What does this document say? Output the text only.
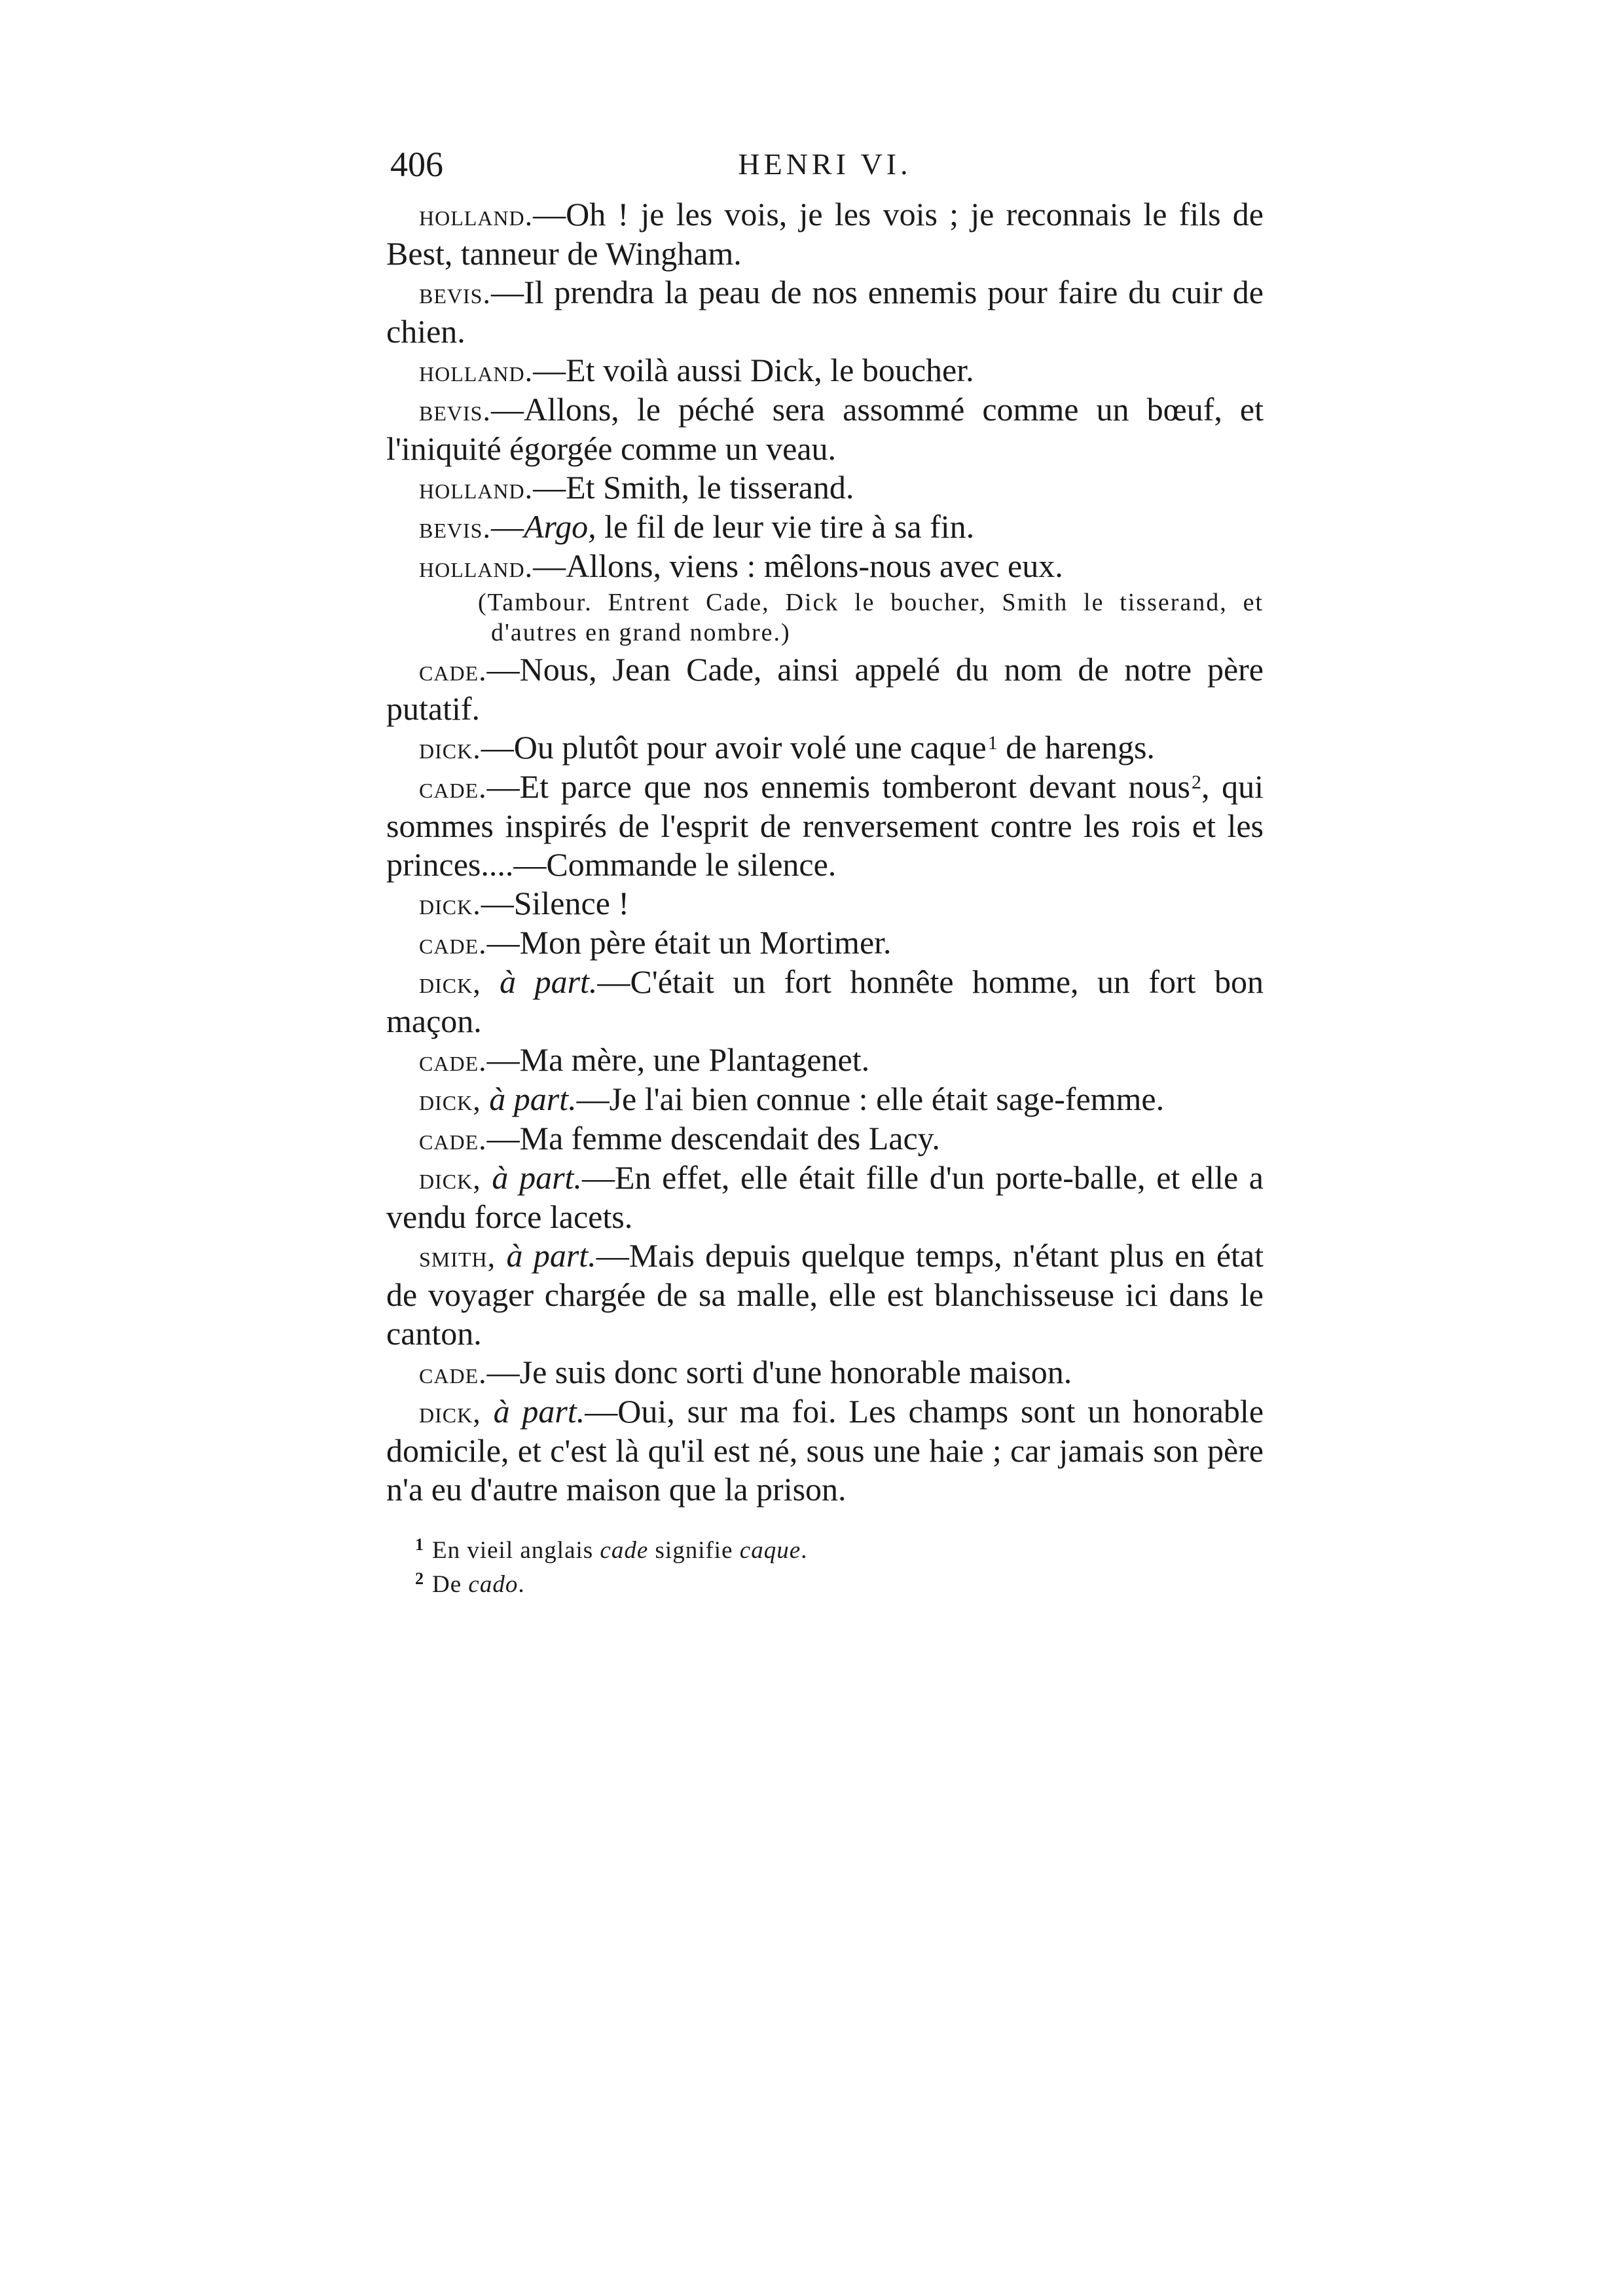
406	HENRI VI.

holland.—Oh ! je les vois, je les vois ; je reconnais le fils de Best, tanneur de Wingham.

bevis.—Il prendra la peau de nos ennemis pour faire du cuir de chien.

holland.—Et voilà aussi Dick, le boucher.

bevis.—Allons, le péché sera assommé comme un bœuf, et l'iniquité égorgée comme un veau.

holland.—Et Smith, le tisserand.

bevis.—Argo, le fil de leur vie tire à sa fin.

holland.—Allons, viens : mêlons-nous avec eux.

(Tambour. Entrent Cade, Dick le boucher, Smith le tisserand, et d'autres en grand nombre.)

cade.—Nous, Jean Cade, ainsi appelé du nom de notre père putatif.

dick.—Ou plutôt pour avoir volé une caque$^1$ de harengs.

cade.—Et parce que nos ennemis tomberont devant nous$^2$, qui sommes inspirés de l'esprit de renversement contre les rois et les princes....—Commande le silence.

dick.—Silence !

cade.—Mon père était un Mortimer.

dick, à part.—C'était un fort honnête homme, un fort bon maçon.

cade.—Ma mère, une Plantagenet.

dick, à part.—Je l'ai bien connue : elle était sage-femme.

cade.—Ma femme descendait des Lacy.

dick, à part.—En effet, elle était fille d'un porte-balle, et elle a vendu force lacets.

smith, à part.—Mais depuis quelque temps, n'étant plus en état de voyager chargée de sa malle, elle est blanchisseuse ici dans le canton.

cade.—Je suis donc sorti d'une honorable maison.

dick, à part.—Oui, sur ma foi. Les champs sont un honorable domicile, et c'est là qu'il est né, sous une haie ; car jamais son père n'a eu d'autre maison que la prison.

$^1$ En vieil anglais cade signifie caque.

$^2$ De cado.
